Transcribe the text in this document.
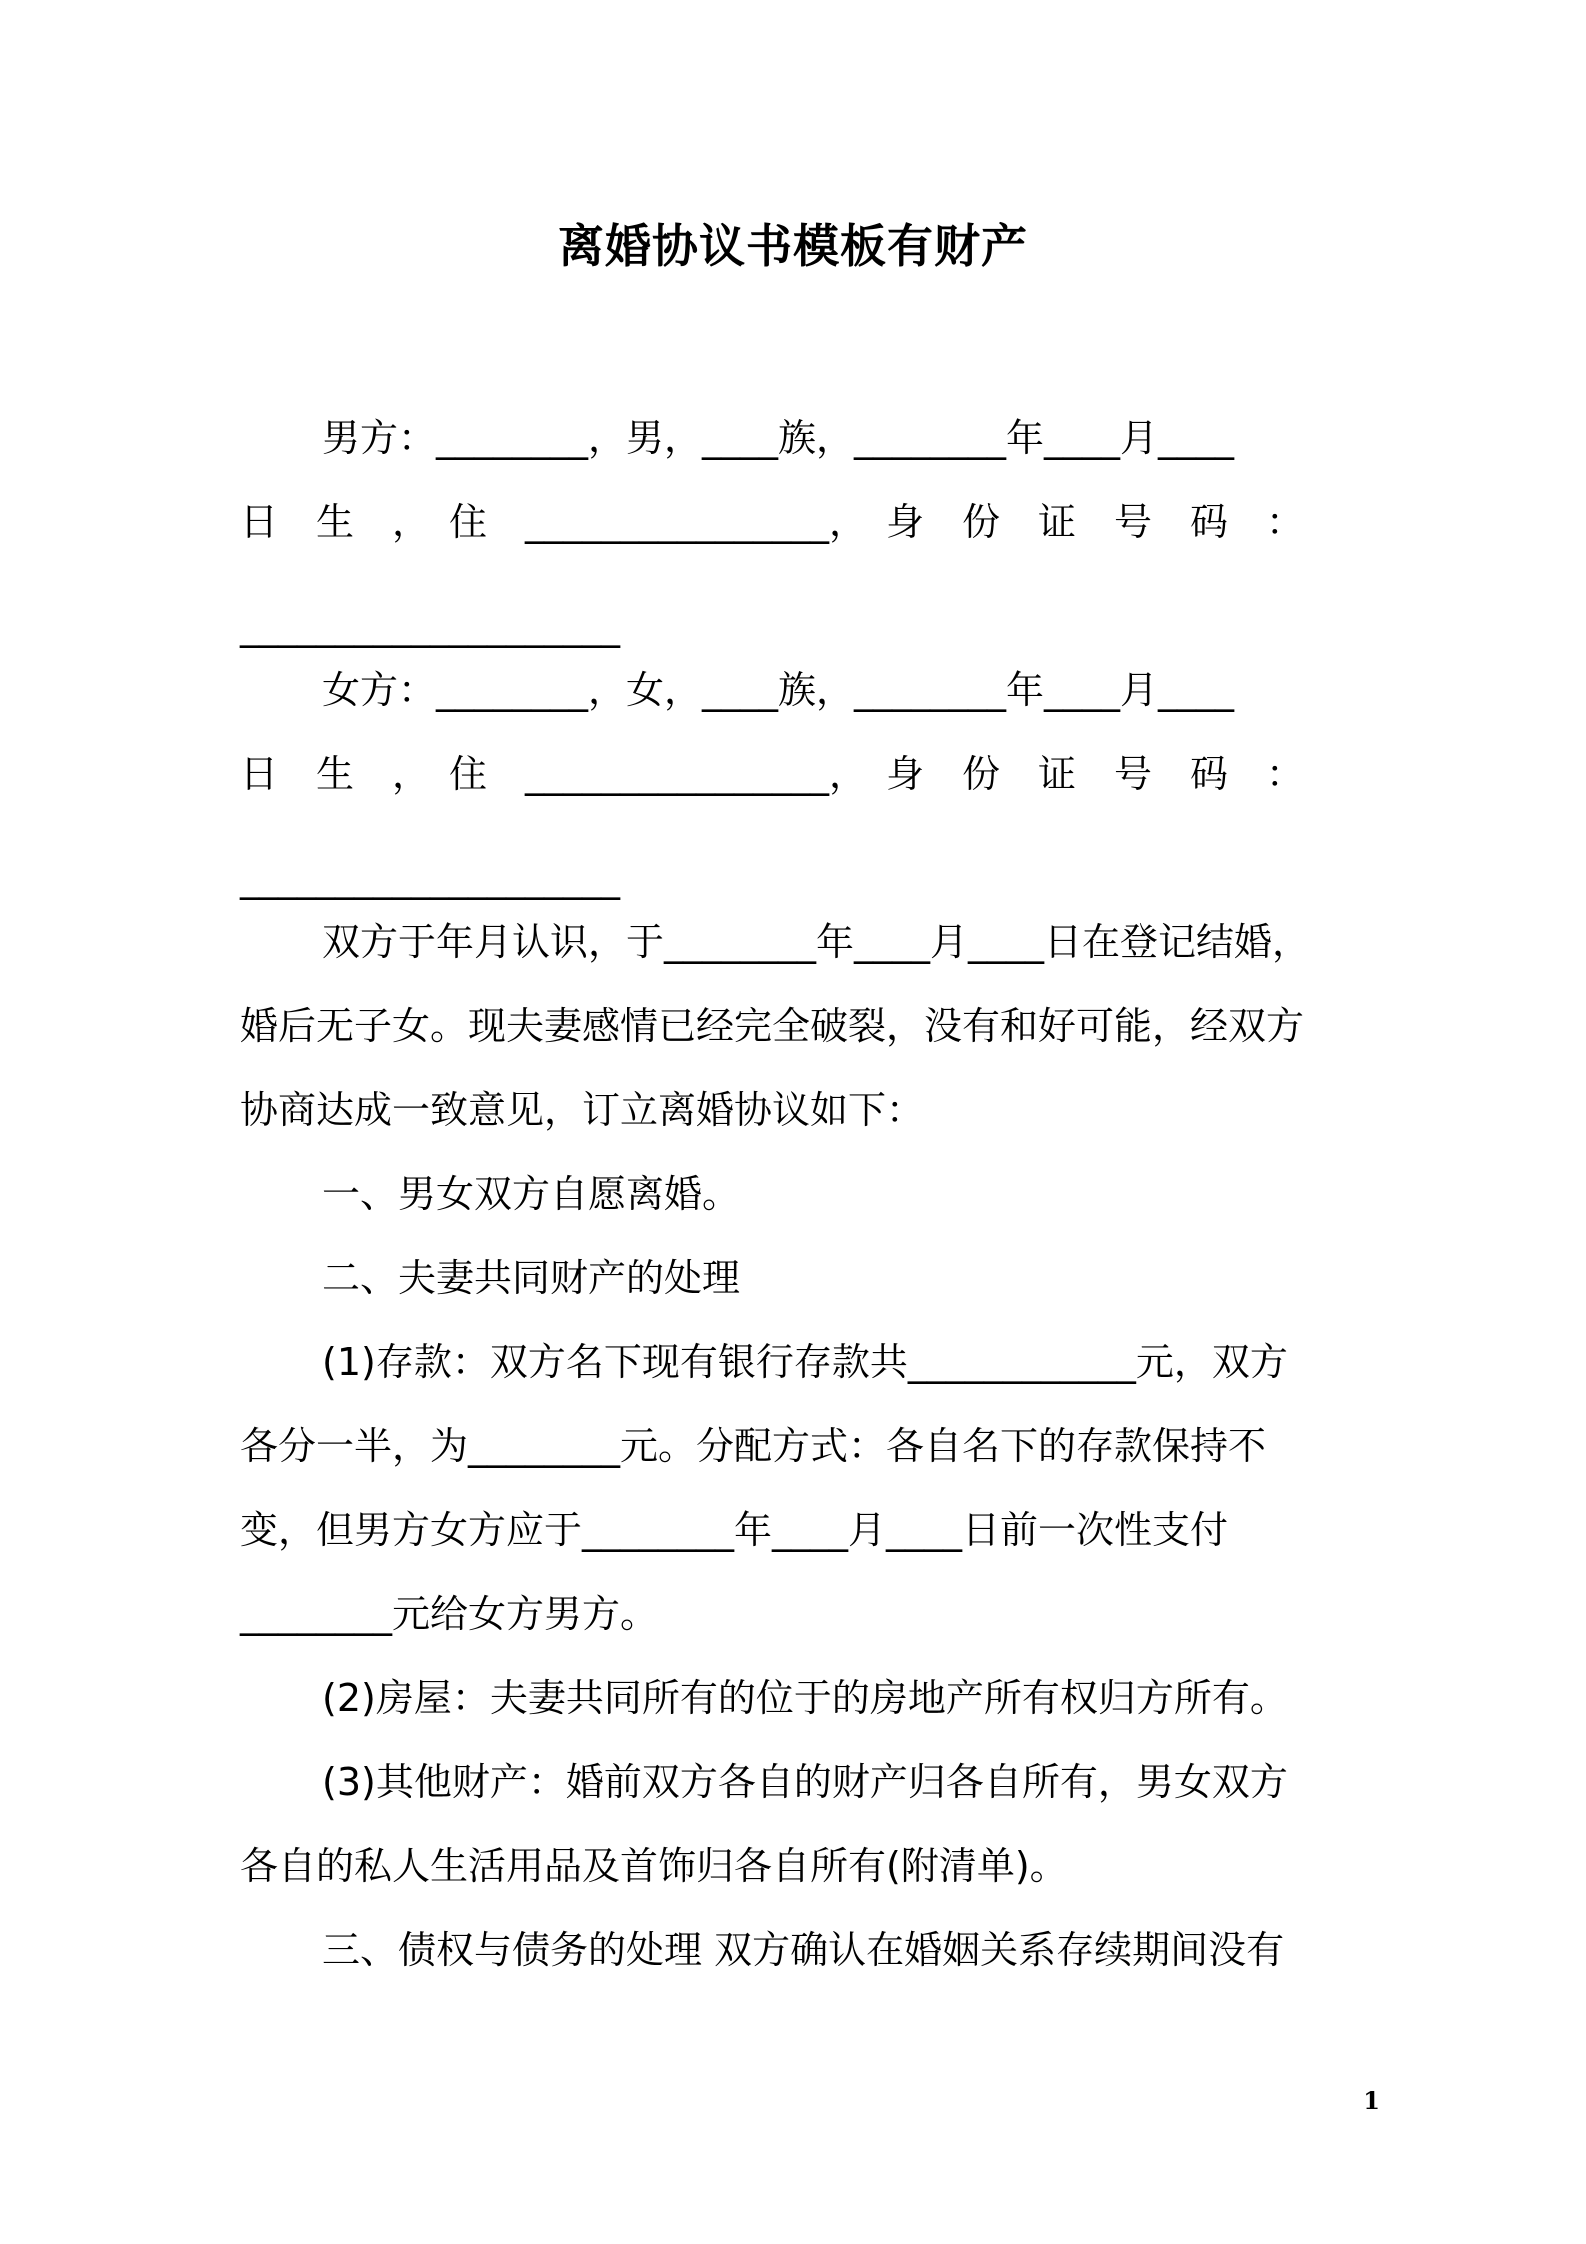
离婚协议书模板有财产
男方：________，男，____族，________年____月____
日　生　，　住　________________，　身　份　证　号　码　：
____________________
女方：________，女，____族，________年____月____
日　生　，　住　________________，　身　份　证　号　码　：
____________________
双方于年月认识，于________年____月____日在登记结婚，
婚后无子女。现夫妻感情已经完全破裂，没有和好可能，经双方
协商达成一致意见，订立离婚协议如下：
一、男女双方自愿离婚。
二、夫妻共同财产的处理
(1)存款：双方名下现有银行存款共____________元，双方
各分一半，为________元。分配方式：各自名下的存款保持不
变，但男方女方应于________年____月____日前一次性支付
________元给女方男方。
(2)房屋：夫妻共同所有的位于的房地产所有权归方所有。
(3)其他财产：婚前双方各自的财产归各自所有，男女双方
各自的私人生活用品及首饰归各自所有(附清单)。
三、债权与债务的处理 双方确认在婚姻关系存续期间没有
1
